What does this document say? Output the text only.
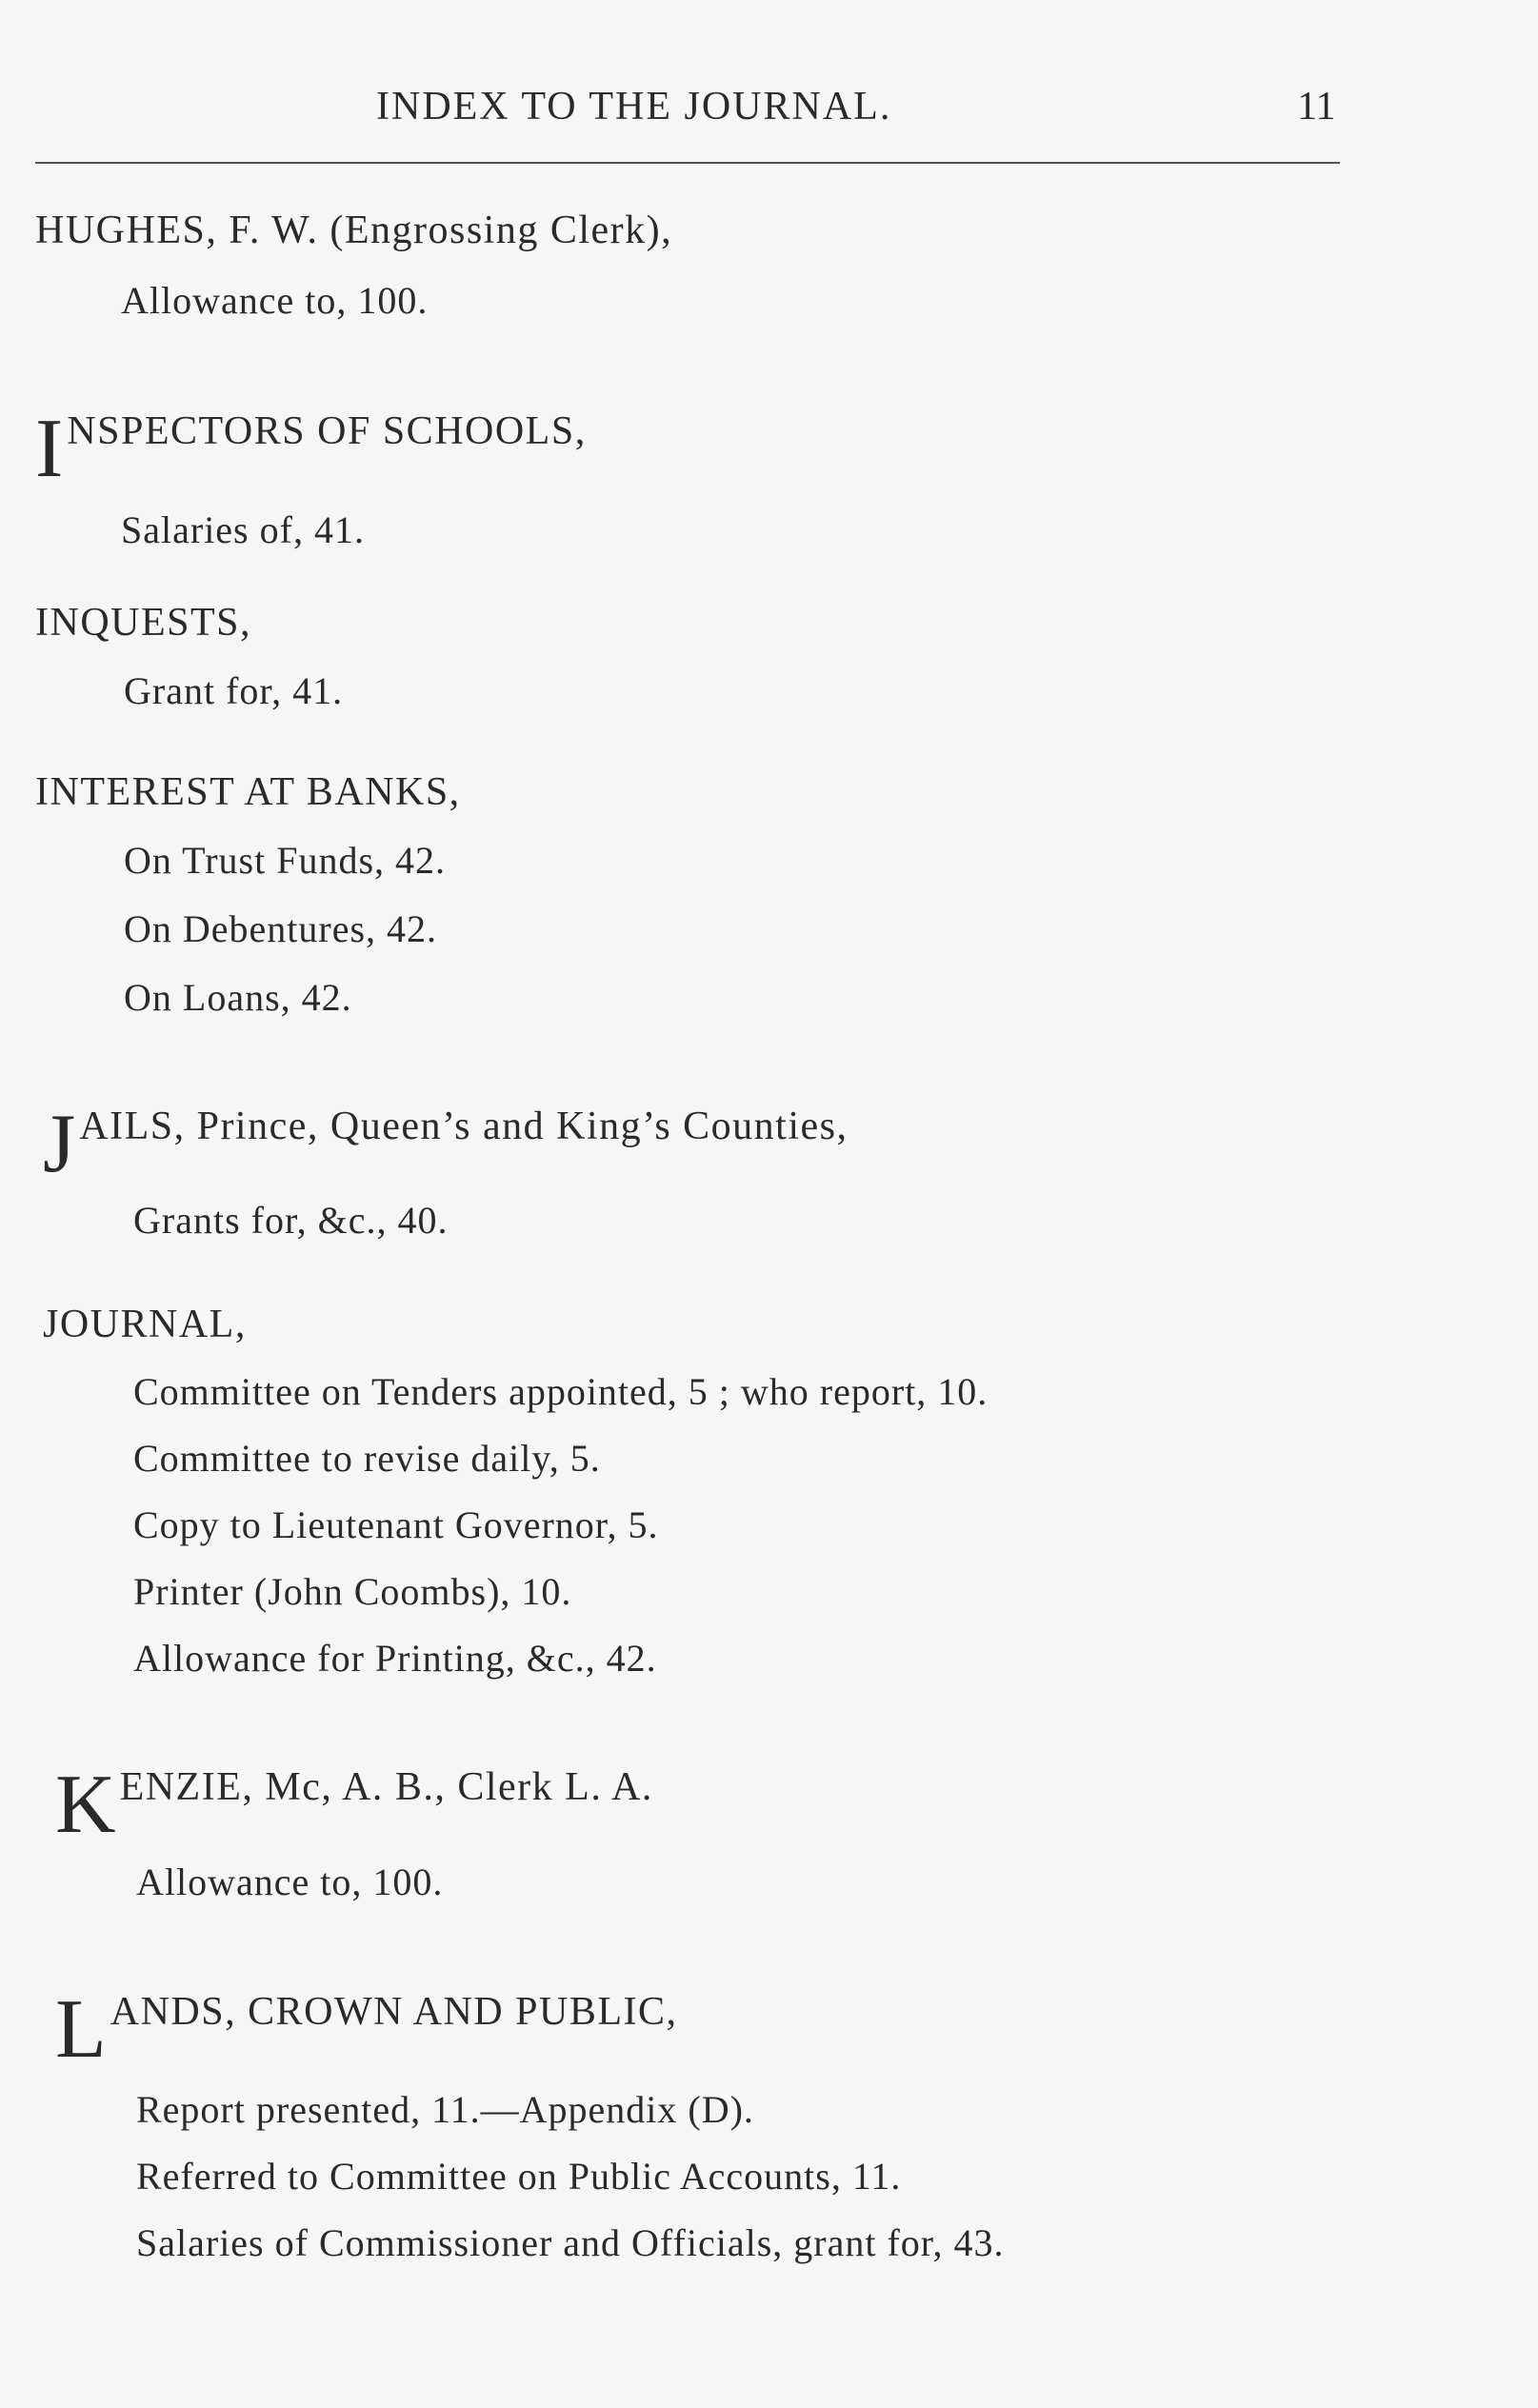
INDEX TO THE JOURNAL.	11
HUGHES, F. W. (Engrossing Clerk),
Allowance to, 100.
I NSPECTORS OF SCHOOLS,
Salaries of, 41.
INQUESTS,
Grant for, 41.
INTEREST AT BANKS,
On Trust Funds, 42.
On Debentures, 42.
On Loans, 42.
J AILS, Prince, Queen’s and King’s Counties,
Grants for, &c., 40.
JOURNAL,
Committee on Tenders appointed, 5 ; who report, 10.
Committee to revise daily, 5.
Copy to Lieutenant Governor, 5.
Printer (John Coombs), 10.
Allowance for Printing, &c., 42.
K ENZIE, Mc, A. B., Clerk L. A.
Allowance to, 100.
L ANDS, CROWN AND PUBLIC,
Report presented, 11.—Appendix (D).
Referred to Committee on Public Accounts, 11.
Salaries of Commissioner and Officials, grant for, 43.
